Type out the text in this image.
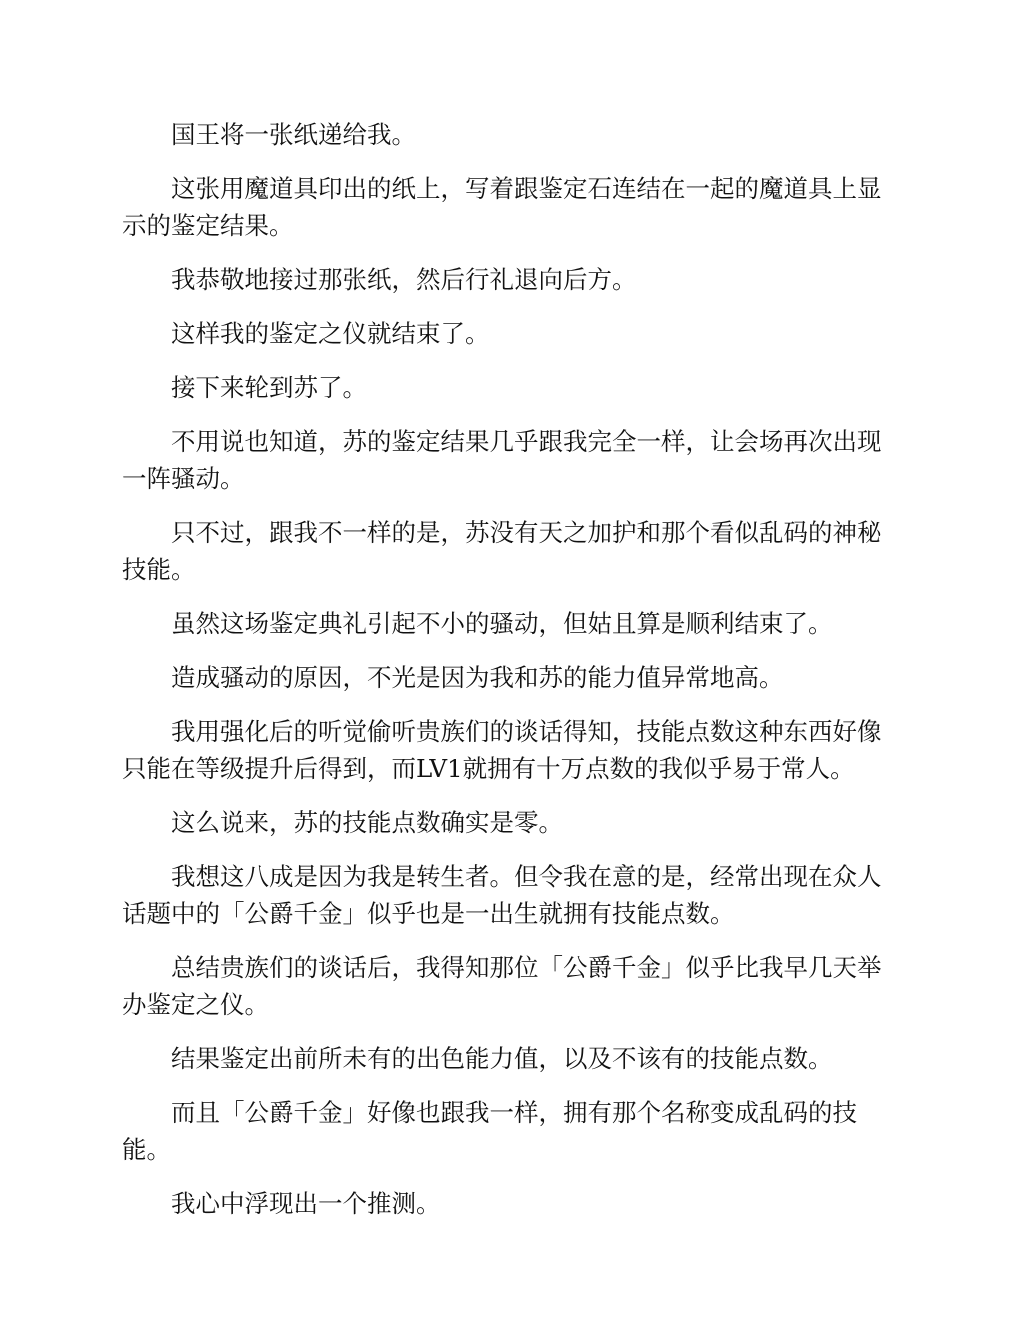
国王将一张纸递给我。

这张用魔道具印出的纸上，写着跟鉴定石连结在一起的魔道具上显示的鉴定结果。

我恭敬地接过那张纸，然后行礼退向后方。

这样我的鉴定之仪就结束了。

接下来轮到苏了。

不用说也知道，苏的鉴定结果几乎跟我完全一样，让会场再次出现一阵骚动。

只不过，跟我不一样的是，苏没有天之加护和那个看似乱码的神秘技能。

虽然这场鉴定典礼引起不小的骚动，但姑且算是顺利结束了。

造成骚动的原因，不光是因为我和苏的能力值异常地高。

我用强化后的听觉偷听贵族们的谈话得知，技能点数这种东西好像只能在等级提升后得到，而LV1就拥有十万点数的我似乎易于常人。

这么说来，苏的技能点数确实是零。

我想这八成是因为我是转生者。但令我在意的是，经常出现在众人话题中的「公爵千金」似乎也是一出生就拥有技能点数。

总结贵族们的谈话后，我得知那位「公爵千金」似乎比我早几天举办鉴定之仪。

结果鉴定出前所未有的出色能力值，以及不该有的技能点数。

而且「公爵千金」好像也跟我一样，拥有那个名称变成乱码的技能。

我心中浮现出一个推测。
